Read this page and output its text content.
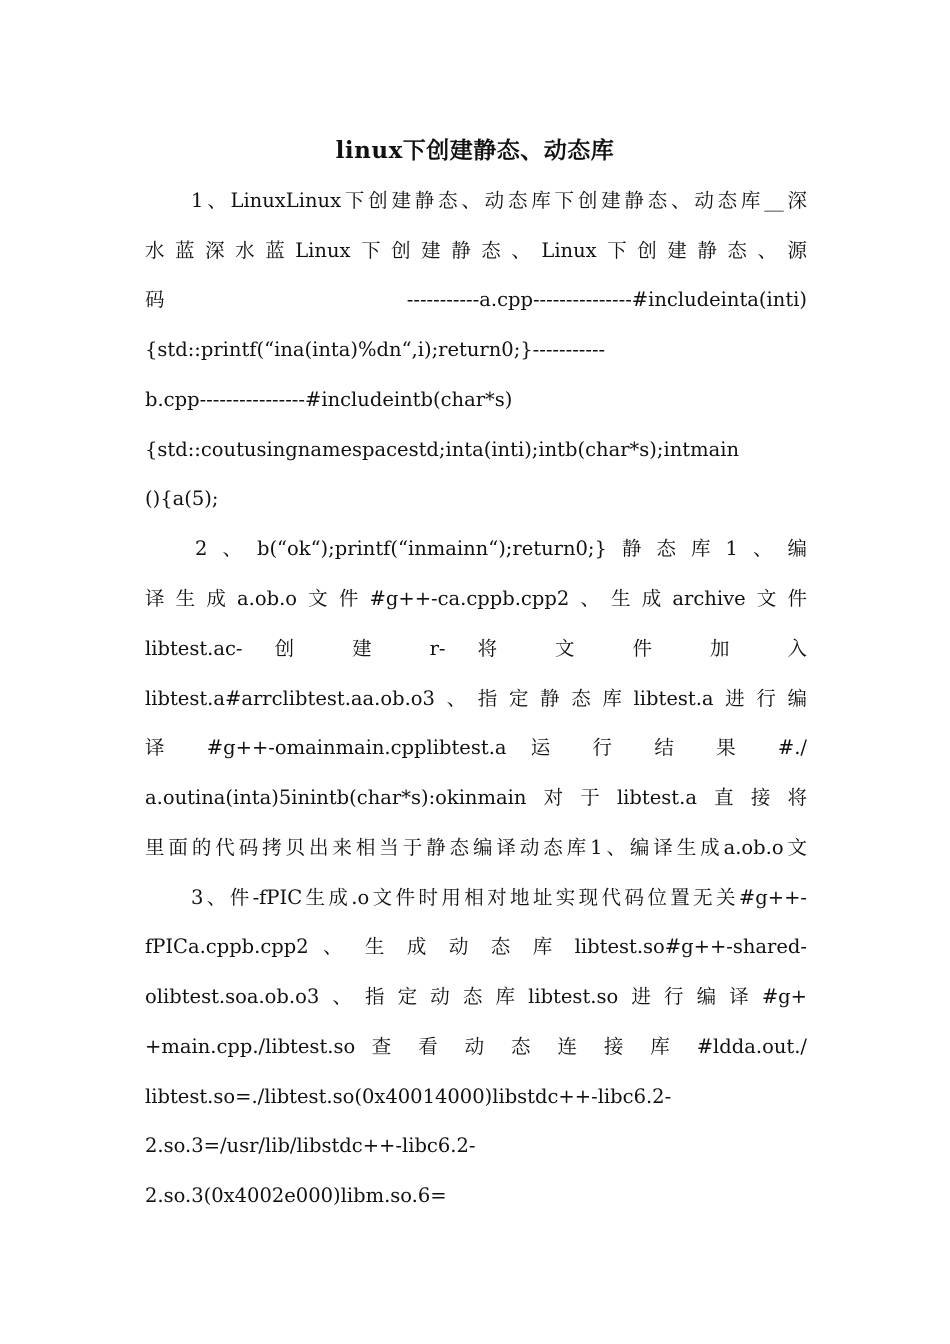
linux下创建静态、动态库
1、LinuxLinux下创建静态、动态库下创建静态、动态库__深
水蓝深水蓝Linux下创建静态、Linux下创建静态、源
码 -----------a.cpp---------------#includeinta(inti)
{std::printf(“ina(inta)%dn“,i);return0;}-----------
b.cpp----------------#includeintb(char*s)
{std::coutusingnamespacestd;inta(inti);intb(char*s);intmain
(){a(5);
2、b(“ok“);printf(“inmainn“);return0;}静态库1、编
译生成a.ob.o文件#g++-ca.cppb.cpp2、生成archive文件
libtest.ac- 创 建 r- 将 文 件 加 入
libtest.a#arrclibtest.aa.ob.o3、指定静态库libtest.a进行编
译 #g++-omainmain.cpplibtest.a 运 行 结 果 #./
a.outina(inta)5inintb(char*s):okinmain对于libtest.a直接将
里面的代码拷贝出来相当于静态编译动态库1、编译生成a.ob.o文
3、件-fPIC生成.o文件时用相对地址实现代码位置无关#g++-
fPICa.cppb.cpp2 、 生 成 动 态 库 libtest.so#g++-shared-
olibtest.soa.ob.o3、指定动态库libtest.so进行编译#g+
+main.cpp./libtest.so 查 看 动 态 连 接 库 #ldda.out./
libtest.so=./libtest.so(0x40014000)libstdc++-libc6.2-
2.so.3=/usr/lib/libstdc++-libc6.2-
2.so.3(0x4002e000)libm.so.6=
